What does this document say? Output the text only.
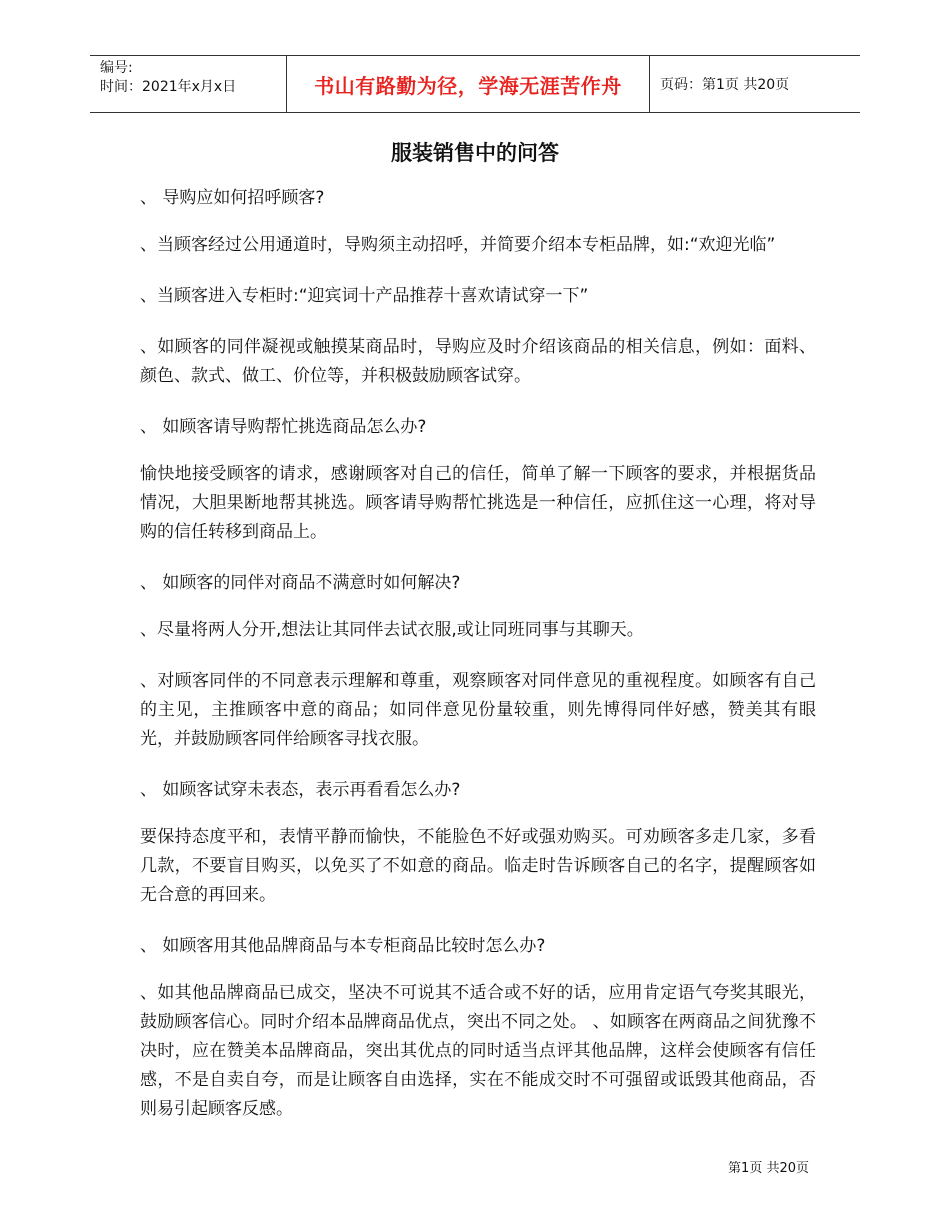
编号:
时间：2021年x月x日	书山有路勤为径，学海无涯苦作舟	页码：第1页 共20页
服装销售中的问答

、 导购应如何招呼顾客?

、当顾客经过公用通道时，导购须主动招呼，并简要介绍本专柜品牌，如:“欢迎光临”

、当顾客进入专柜时:“迎宾词十产品推荐十喜欢请试穿一下”

、如顾客的同伴凝视或触摸某商品时，导购应及时介绍该商品的相关信息，例如：面料、颜色、款式、做工、价位等，并积极鼓励顾客试穿。

、 如顾客请导购帮忙挑选商品怎么办?

愉快地接受顾客的请求，感谢顾客对自己的信任，简单了解一下顾客的要求，并根据货品情况，大胆果断地帮其挑选。顾客请导购帮忙挑选是一种信任，应抓住这一心理，将对导购的信任转移到商品上。

、 如顾客的同伴对商品不满意时如何解决?

、尽量将两人分开,想法让其同伴去试衣服,或让同班同事与其聊天。

、对顾客同伴的不同意表示理解和尊重，观察顾客对同伴意见的重视程度。如顾客有自己的主见，主推顾客中意的商品；如同伴意见份量较重，则先博得同伴好感，赞美其有眼光，并鼓励顾客同伴给顾客寻找衣服。

、 如顾客试穿未表态，表示再看看怎么办?

要保持态度平和，表情平静而愉快，不能脸色不好或强劝购买。可劝顾客多走几家，多看几款，不要盲目购买，以免买了不如意的商品。临走时告诉顾客自己的名字，提醒顾客如无合意的再回来。

、 如顾客用其他品牌商品与本专柜商品比较时怎么办?

、如其他品牌商品已成交，坚决不可说其不适合或不好的话，应用肯定语气夸奖其眼光，鼓励顾客信心。同时介绍本品牌商品优点，突出不同之处。 、如顾客在两商品之间犹豫不决时，应在赞美本品牌商品，突出其优点的同时适当点评其他品牌，这样会使顾客有信任感，不是自卖自夸，而是让顾客自由选择，实在不能成交时不可强留或诋毁其他商品，否则易引起顾客反感。

第1页 共20页
